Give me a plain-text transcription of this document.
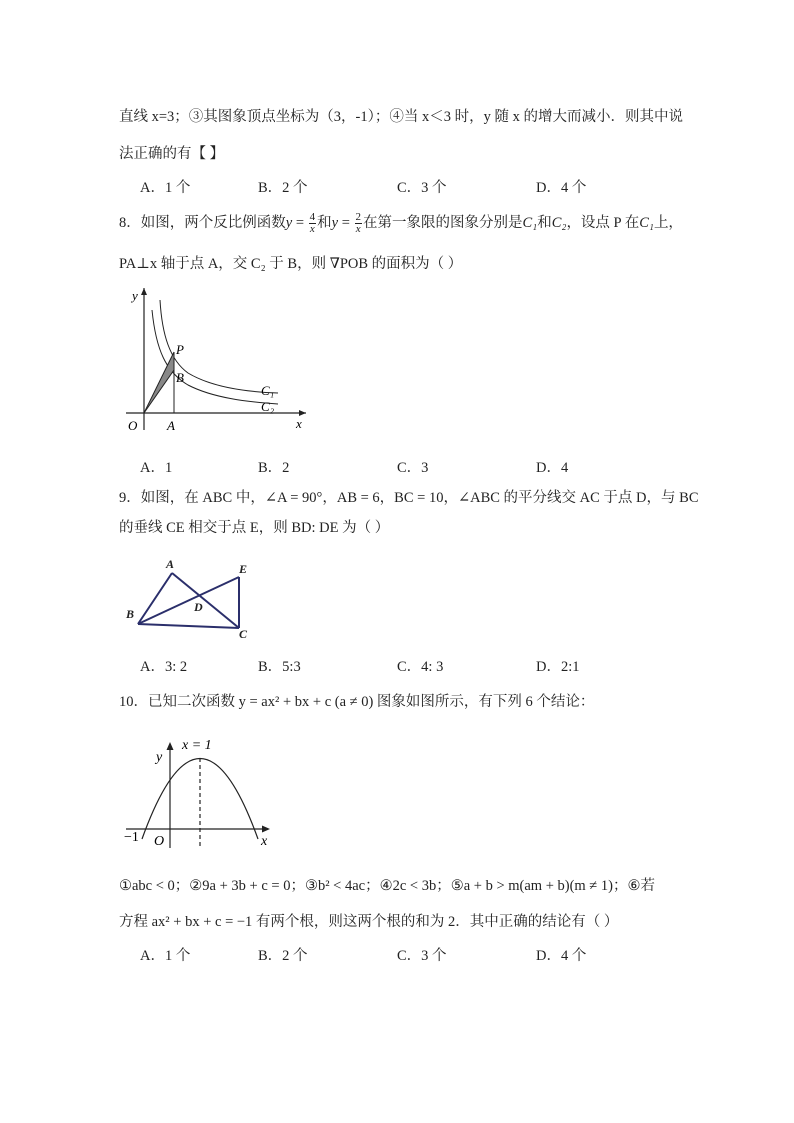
直线 x=3；③其图象顶点坐标为（3，-1）；④当 x＜3 时，y 随 x 的增大而减小．则其中说
法正确的有【 】
A．1 个	B．2 个	C．3 个	D．4 个
8．如图，两个反比例函数$y = \frac{4}{x}$ 和$y = \frac{2}{x}$ 在第一象限的图象分别是C₁和C₂，设点 P 在C₁上，
PA⊥x 轴于点 A，交 C₂ 于 B，则 ∇POB 的面积为（ ）
y
x
O A
P
B
C₁
C₂
A．1	B．2	C．3	D．4
9．如图，在 ABC 中，∠A = 90°，AB = 6，BC = 10，∠ABC 的平分线交 AC 于点 D，与 BC
的垂线 CE 相交于点 E，则 BD: DE 为（ ）
A
B
C
D
E
A．3: 2	B．5:3	C．4: 3	D．2:1
10．已知二次函数 y = ax² + bx + c (a ≠ 0) 图象如图所示，有下列 6 个结论：
x = 1
y
x
O
−1
①abc < 0；②9a + 3b + c = 0；③b² < 4ac；④2c < 3b；⑤a + b > m(am + b)(m ≠ 1)；⑥若
方程 ax² + bx + c = −1 有两个根，则这两个根的和为 2．其中正确的结论有（ ）
A．1 个	B．2 个	C．3 个	D．4 个
